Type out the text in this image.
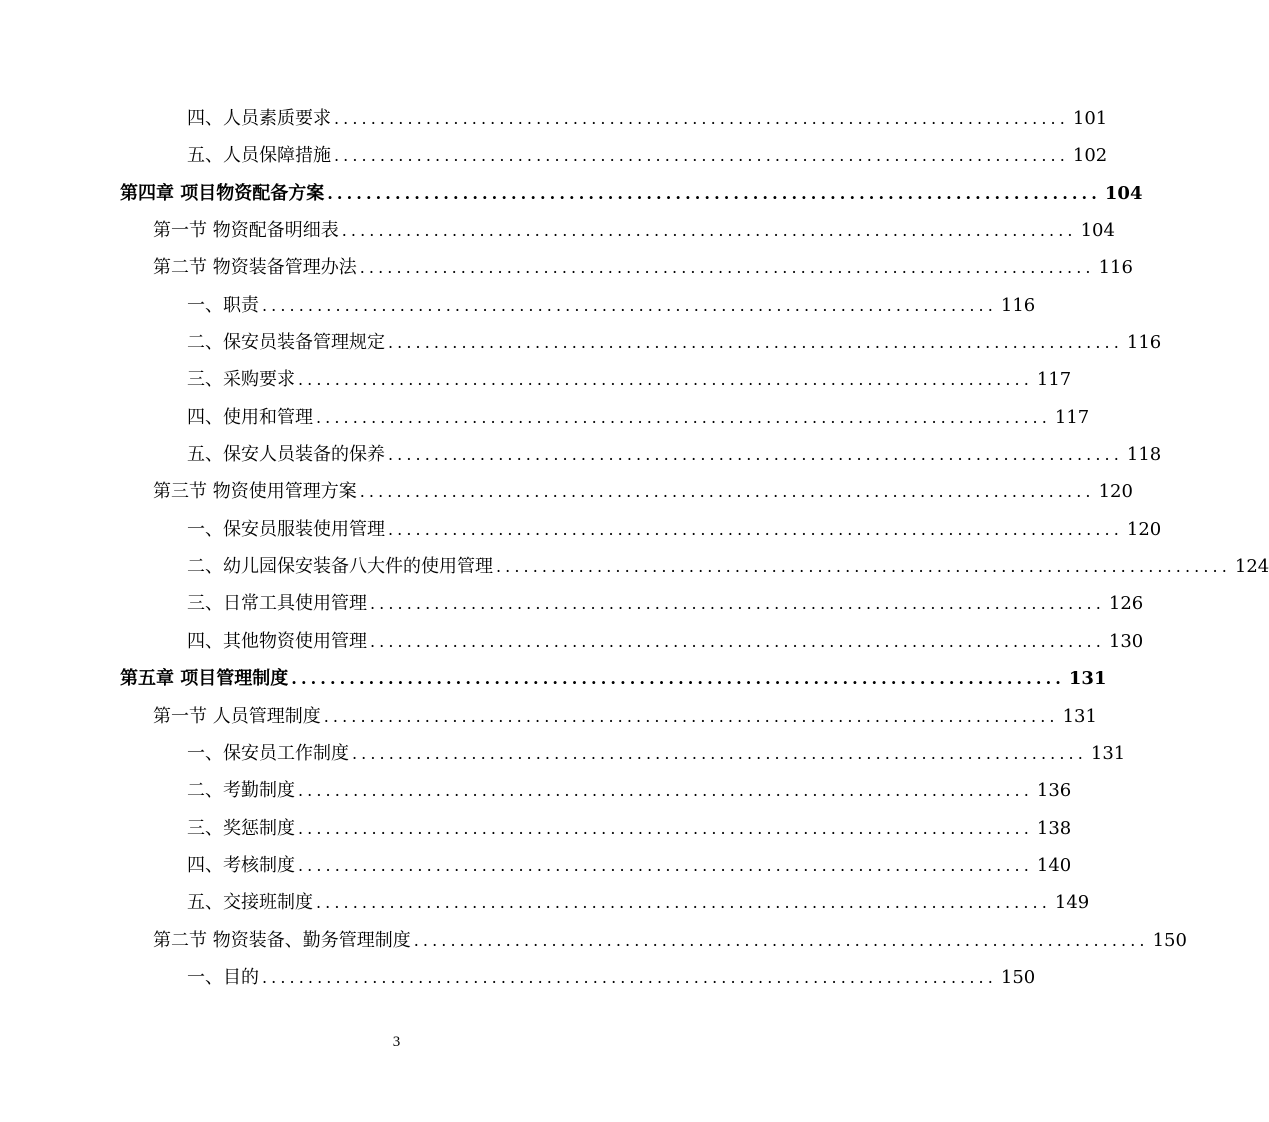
四、人员素质要求 ................................................................................ 101
五、人员保障措施 ................................................................................ 102
第四章 项目物资配备方案 ................................................................................ 104
第一节 物资配备明细表 ................................................................................ 104
第二节 物资装备管理办法 ................................................................................ 116
一、职责 ................................................................................ 116
二、保安员装备管理规定 ................................................................................ 116
三、采购要求 ................................................................................ 117
四、使用和管理 ................................................................................ 117
五、保安人员装备的保养 ................................................................................ 118
第三节 物资使用管理方案 ................................................................................ 120
一、保安员服装使用管理 ................................................................................ 120
二、幼儿园保安装备八大件的使用管理 ................................................................................ 124
三、日常工具使用管理 ................................................................................ 126
四、其他物资使用管理 ................................................................................ 130
第五章 项目管理制度 ................................................................................ 131
第一节 人员管理制度 ................................................................................ 131
一、保安员工作制度 ................................................................................ 131
二、考勤制度 ................................................................................ 136
三、奖惩制度 ................................................................................ 138
四、考核制度 ................................................................................ 140
五、交接班制度 ................................................................................ 149
第二节 物资装备、勤务管理制度 ................................................................................ 150
一、目的 ................................................................................ 150
3
